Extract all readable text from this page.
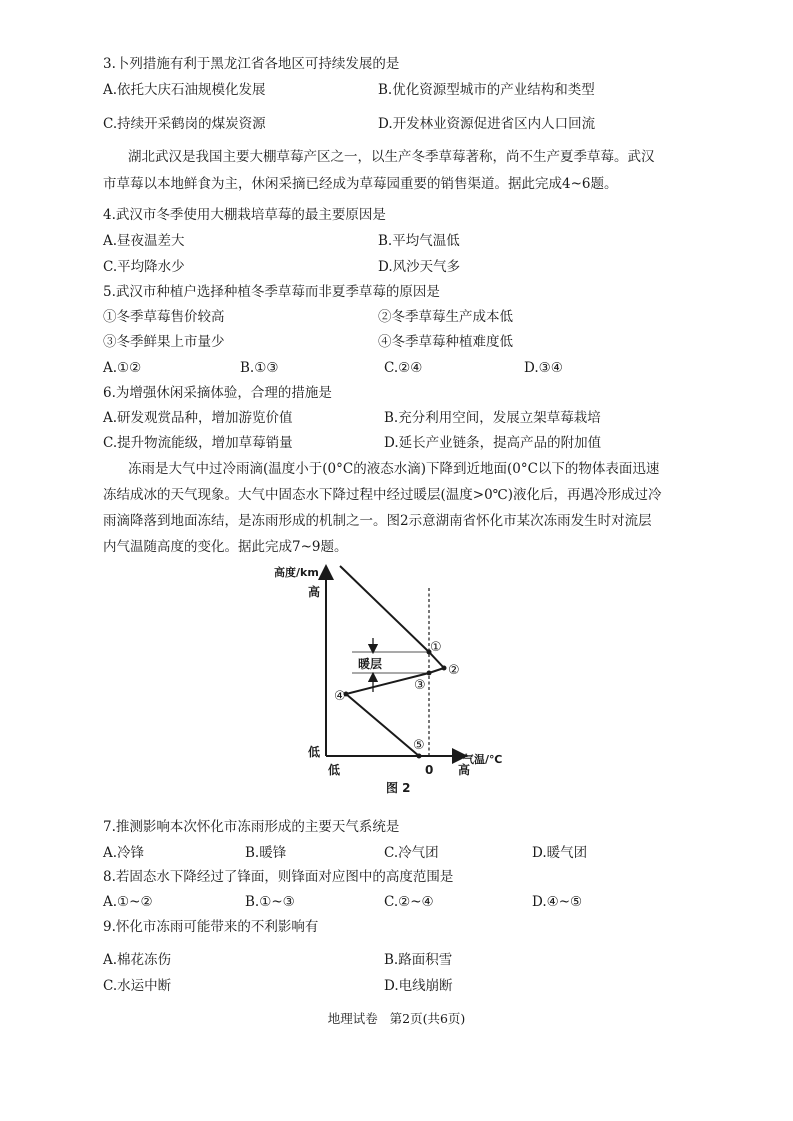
3.卜列措施有利于黑龙江省各地区可持续发展的是
A.依托大庆石油规模化发展	B.优化资源型城市的产业结构和类型
C.持续开采鹤岗的煤炭资源	D.开发林业资源促进省区内人口回流
湖北武汉是我国主要大棚草莓产区之一，以生产冬季草莓著称，尚不生产夏季草莓。武汉
市草莓以本地鲜食为主，休闲采摘已经成为草莓园重要的销售渠道。据此完成4~6题。
4.武汉市冬季使用大棚栽培草莓的最主要原因是
A.昼夜温差大	B.平均气温低
C.平均降水少	D.风沙天气多
5.武汉市种植户选择种植冬季草莓而非夏季草莓的原因是
①冬季草莓售价较高	②冬季草莓生产成本低
③冬季鲜果上市量少	④冬季草莓种植难度低
A.①②	B.①③	C.②④	D.③④
6.为增强休闲采摘体验，合理的措施是
A.研发观赏品种，增加游览价值	B.充分利用空间，发展立架草莓栽培
C.提升物流能级，增加草莓销量	D.延长产业链条，提高产品的附加值
冻雨是大气中过冷雨滴(温度小于(0°C的液态水滴)下降到近地面(0°C以下的物体表面迅速
冻结成冰的天气现象。大气中固态水下降过程中经过暖层(温度>0℃)液化后，再遇冷形成过冷
雨滴降落到地面冻结，是冻雨形成的机制之一。图2示意湖南省怀化市某次冻雨发生时对流层
内气温随高度的变化。据此完成7~9题。
高度/km
高
低
低	0 高
气温/℃
暖层
①
②
③
④
⑤
图 2
7.推测影响本次怀化市冻雨形成的主要天气系统是
A.冷锋	B.暖锋	C.冷气团	D.暖气团
8.若固态水下降经过了锋面，则锋面对应图中的高度范围是
A.①~②	B.①~③	C.②~④	D.④~⑤
9.怀化市冻雨可能带来的不利影响有
A.棉花冻伤	B.路面积雪
C.水运中断	D.电线崩断
地理试卷   第2页(共6页)
